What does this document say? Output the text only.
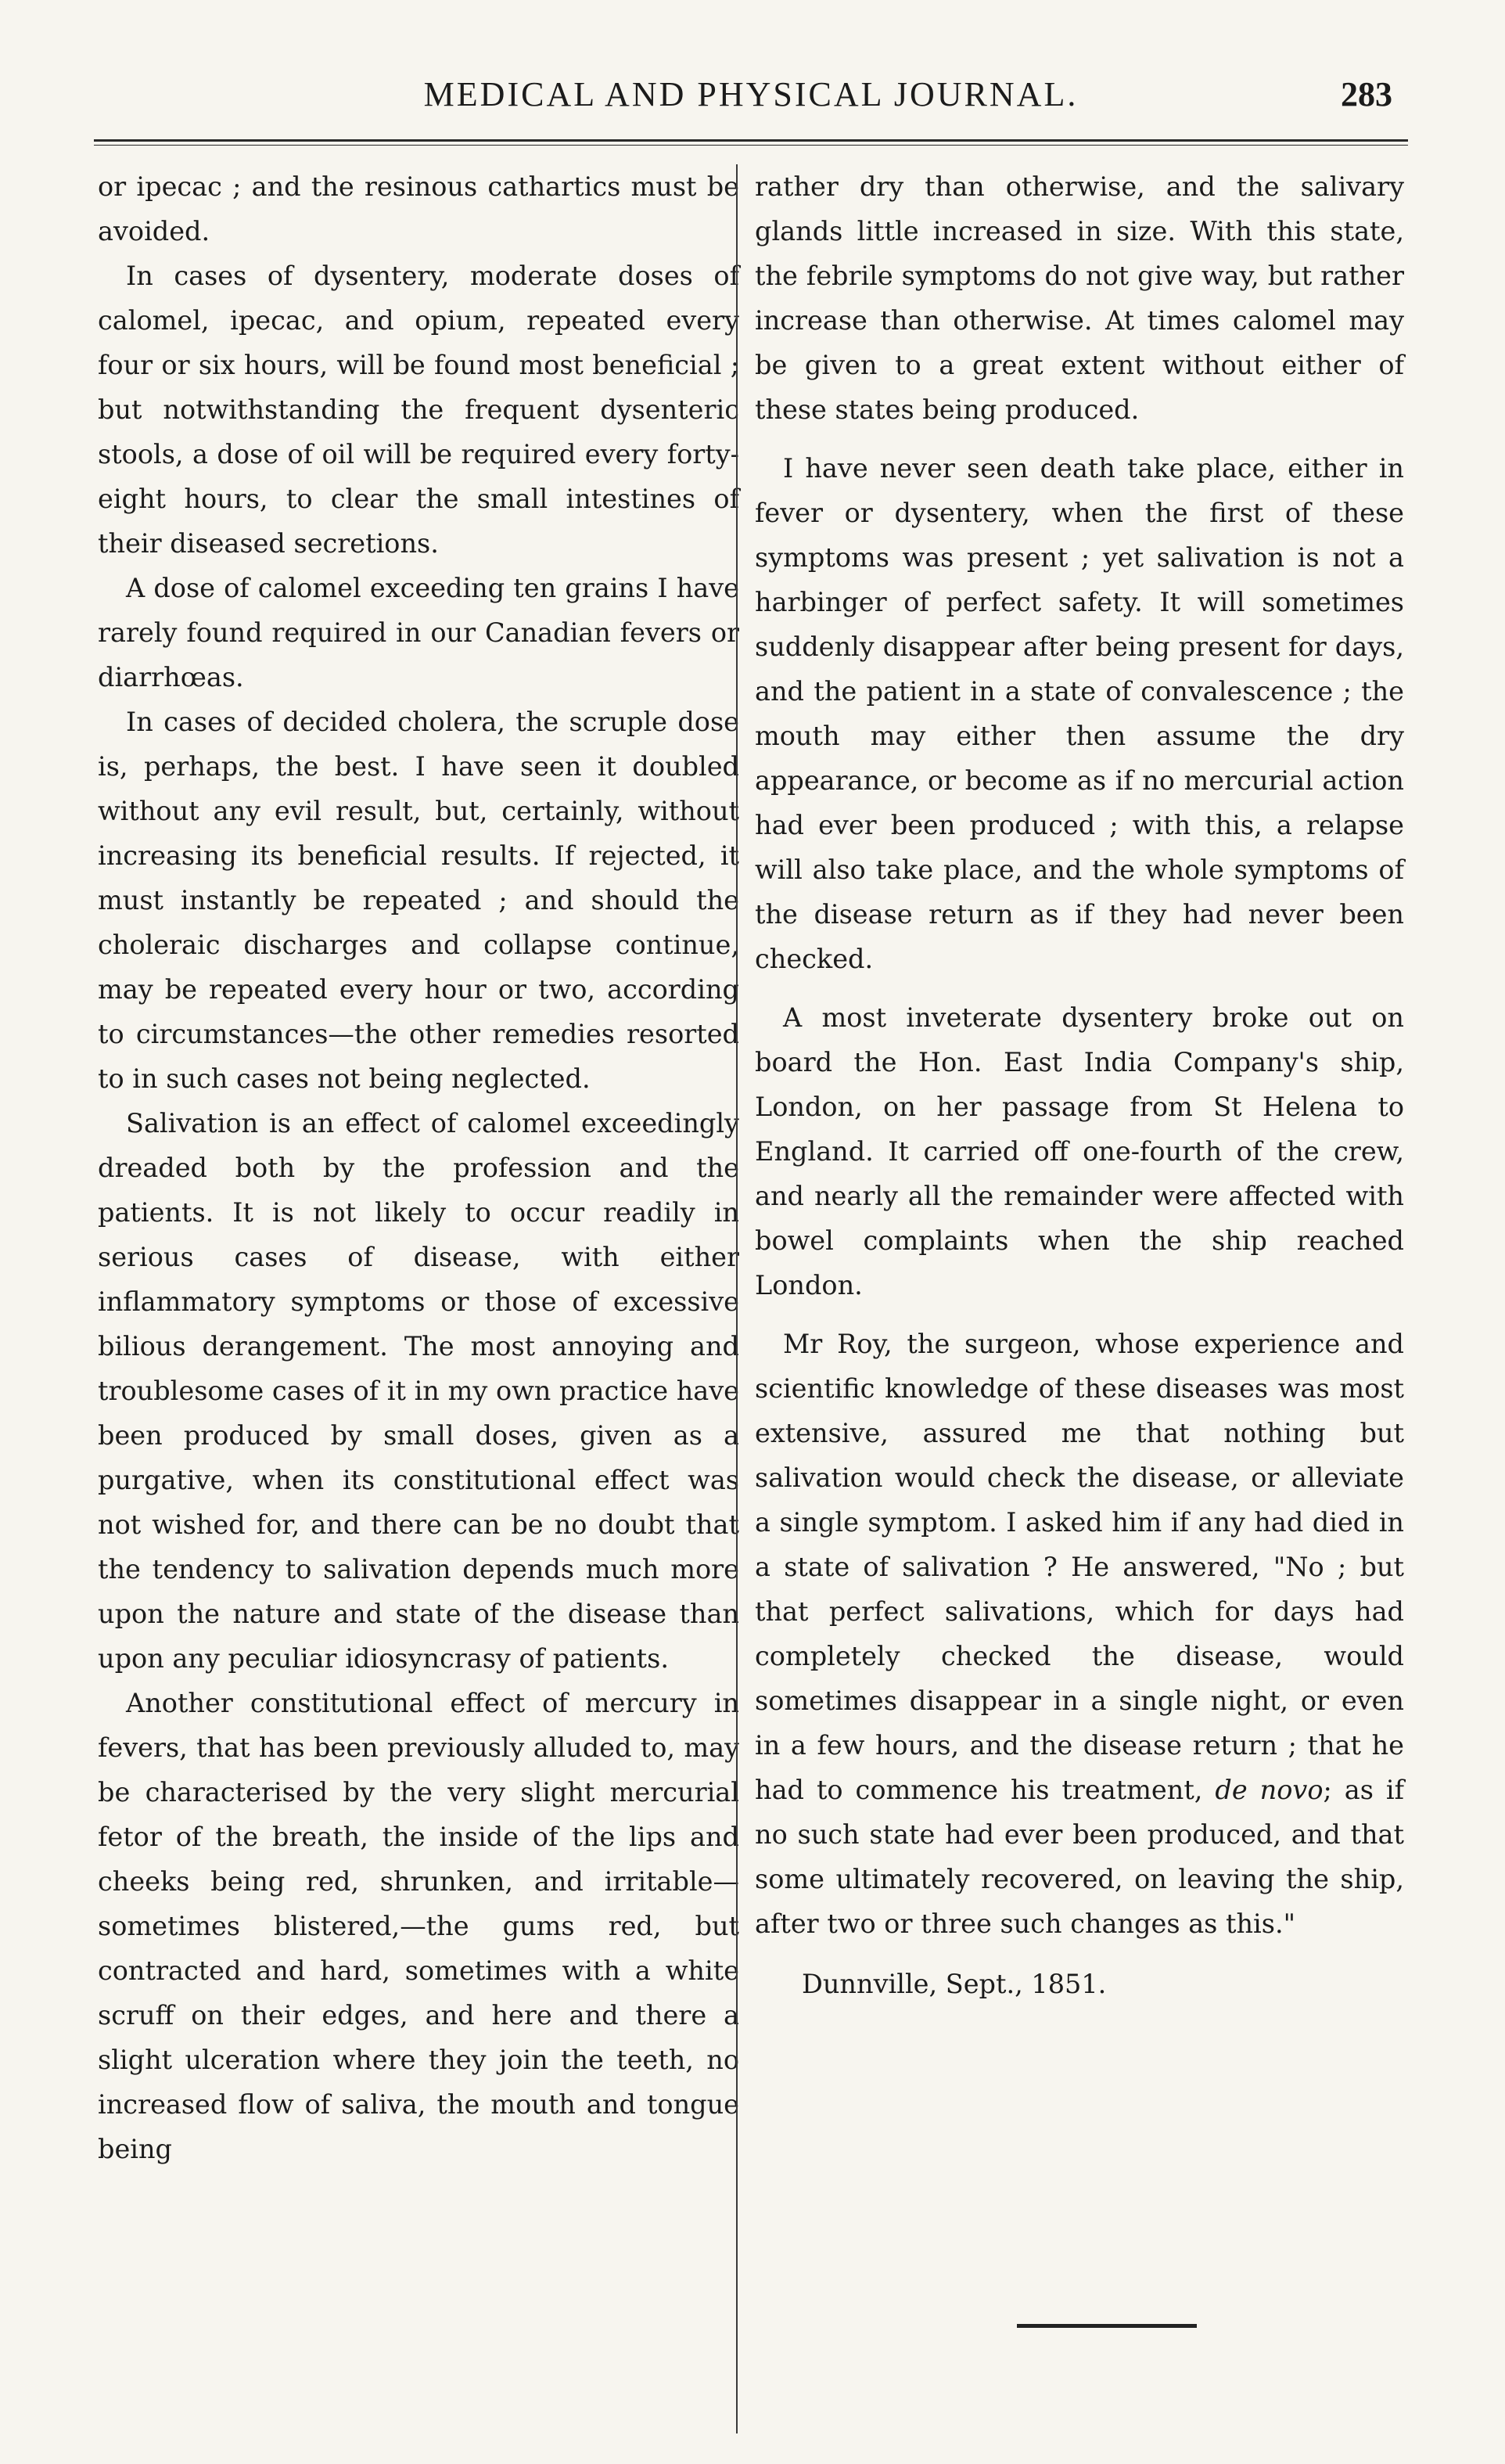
MEDICAL AND PHYSICAL JOURNAL.	283

or ipecac ; and the resinous cathartics must be avoided.

In cases of dysentery, moderate doses of calomel, ipecac, and opium, repeated every four or six hours, will be found most beneficial ; but notwithstanding the frequent dysenteric stools, a dose of oil will be required every forty-eight hours, to clear the small intestines of their diseased secretions.

A dose of calomel exceeding ten grains I have rarely found required in our Canadian fevers or diarrhœas.

In cases of decided cholera, the scruple dose is, perhaps, the best. I have seen it doubled without any evil result, but, certainly, without increasing its beneficial results. If rejected, it must instantly be repeated ; and should the choleraic discharges and collapse continue, may be repeated every hour or two, according to circumstances—the other remedies resorted to in such cases not being neglected.

Salivation is an effect of calomel exceedingly dreaded both by the profession and the patients. It is not likely to occur readily in serious cases of disease, with either inflammatory symptoms or those of excessive bilious derangement. The most annoying and troublesome cases of it in my own practice have been produced by small doses, given as a purgative, when its constitutional effect was not wished for, and there can be no doubt that the tendency to salivation depends much more upon the nature and state of the disease than upon any peculiar idiosyncrasy of patients.

Another constitutional effect of mercury in fevers, that has been previously alluded to, may be characterised by the very slight mercurial fetor of the breath, the inside of the lips and cheeks being red, shrunken, and irritable—sometimes blistered,—the gums red, but contracted and hard, sometimes with a white scruff on their edges, and here and there a slight ulceration where they join the teeth, no increased flow of saliva, the mouth and tongue being

rather dry than otherwise, and the salivary glands little increased in size. With this state, the febrile symptoms do not give way, but rather increase than otherwise. At times calomel may be given to a great extent without either of these states being produced.

I have never seen death take place, either in fever or dysentery, when the first of these symptoms was present ; yet salivation is not a harbinger of perfect safety. It will sometimes suddenly disappear after being present for days, and the patient in a state of convalescence ; the mouth may either then assume the dry appearance, or become as if no mercurial action had ever been produced ; with this, a relapse will also take place, and the whole symptoms of the disease return as if they had never been checked.

A most inveterate dysentery broke out on board the Hon. East India Company's ship, London, on her passage from St Helena to England. It carried off one-fourth of the crew, and nearly all the remainder were affected with bowel complaints when the ship reached London.

Mr Roy, the surgeon, whose experience and scientific knowledge of these diseases was most extensive, assured me that nothing but salivation would check the disease, or alleviate a single symptom. I asked him if any had died in a state of salivation ? He answered, "No ; but that perfect salivations, which for days had completely checked the disease, would sometimes disappear in a single night, or even in a few hours, and the disease return ; that he had to commence his treatment, de novo; as if no such state had ever been produced, and that some ultimately recovered, on leaving the ship, after two or three such changes as this."

Dunnville, Sept., 1851.
